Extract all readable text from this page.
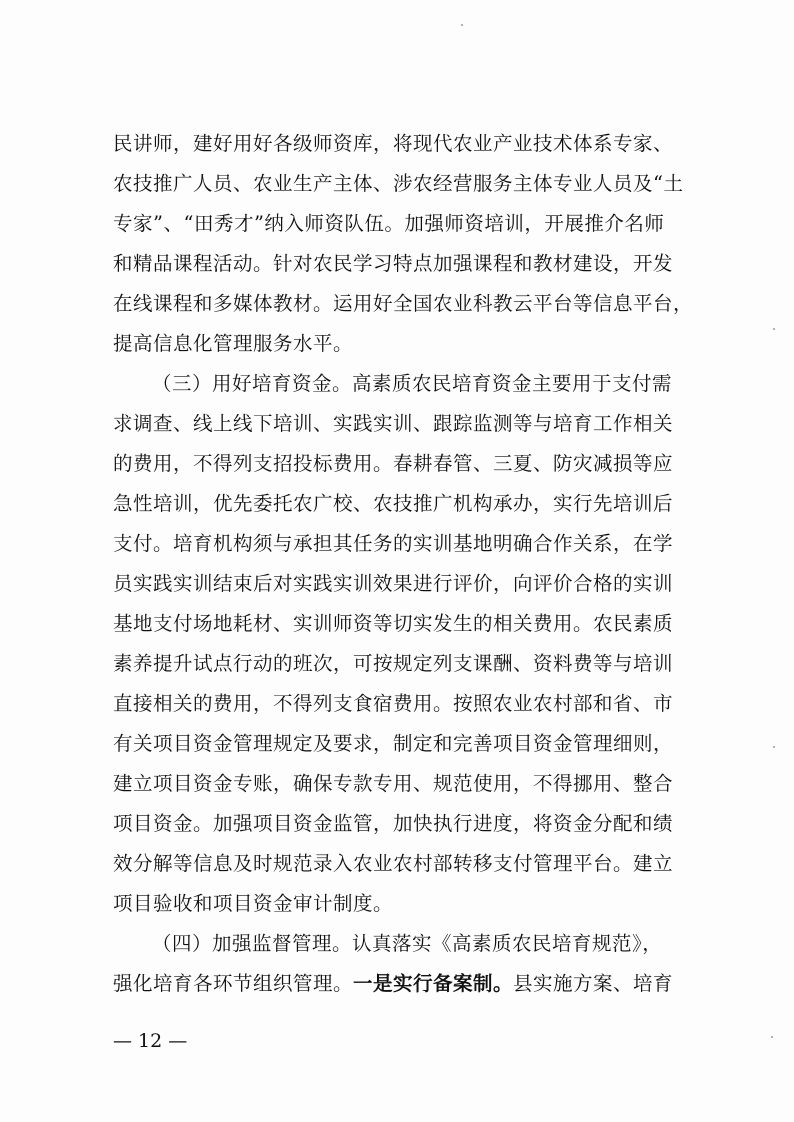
民讲师，建好用好各级师资库，将现代农业产业技术体系专家、
农技推广人员、农业生产主体、涉农经营服务主体专业人员及“土
专家”、“田秀才”纳入师资队伍。加强师资培训，开展推介名师
和精品课程活动。针对农民学习特点加强课程和教材建设，开发
在线课程和多媒体教材。运用好全国农业科教云平台等信息平台，
提高信息化管理服务水平。
（三）用好培育资金。高素质农民培育资金主要用于支付需
求调查、线上线下培训、实践实训、跟踪监测等与培育工作相关
的费用，不得列支招投标费用。春耕春管、三夏、防灾减损等应
急性培训，优先委托农广校、农技推广机构承办，实行先培训后
支付。培育机构须与承担其任务的实训基地明确合作关系，在学
员实践实训结束后对实践实训效果进行评价，向评价合格的实训
基地支付场地耗材、实训师资等切实发生的相关费用。农民素质
素养提升试点行动的班次，可按规定列支课酬、资料费等与培训
直接相关的费用，不得列支食宿费用。按照农业农村部和省、市
有关项目资金管理规定及要求，制定和完善项目资金管理细则，
建立项目资金专账，确保专款专用、规范使用，不得挪用、整合
项目资金。加强项目资金监管，加快执行进度，将资金分配和绩
效分解等信息及时规范录入农业农村部转移支付管理平台。建立
项目验收和项目资金审计制度。
（四）加强监督管理。认真落实《高素质农民培育规范》，
强化培育各环节组织管理。一是实行备案制。县实施方案、培育
— 12 —
